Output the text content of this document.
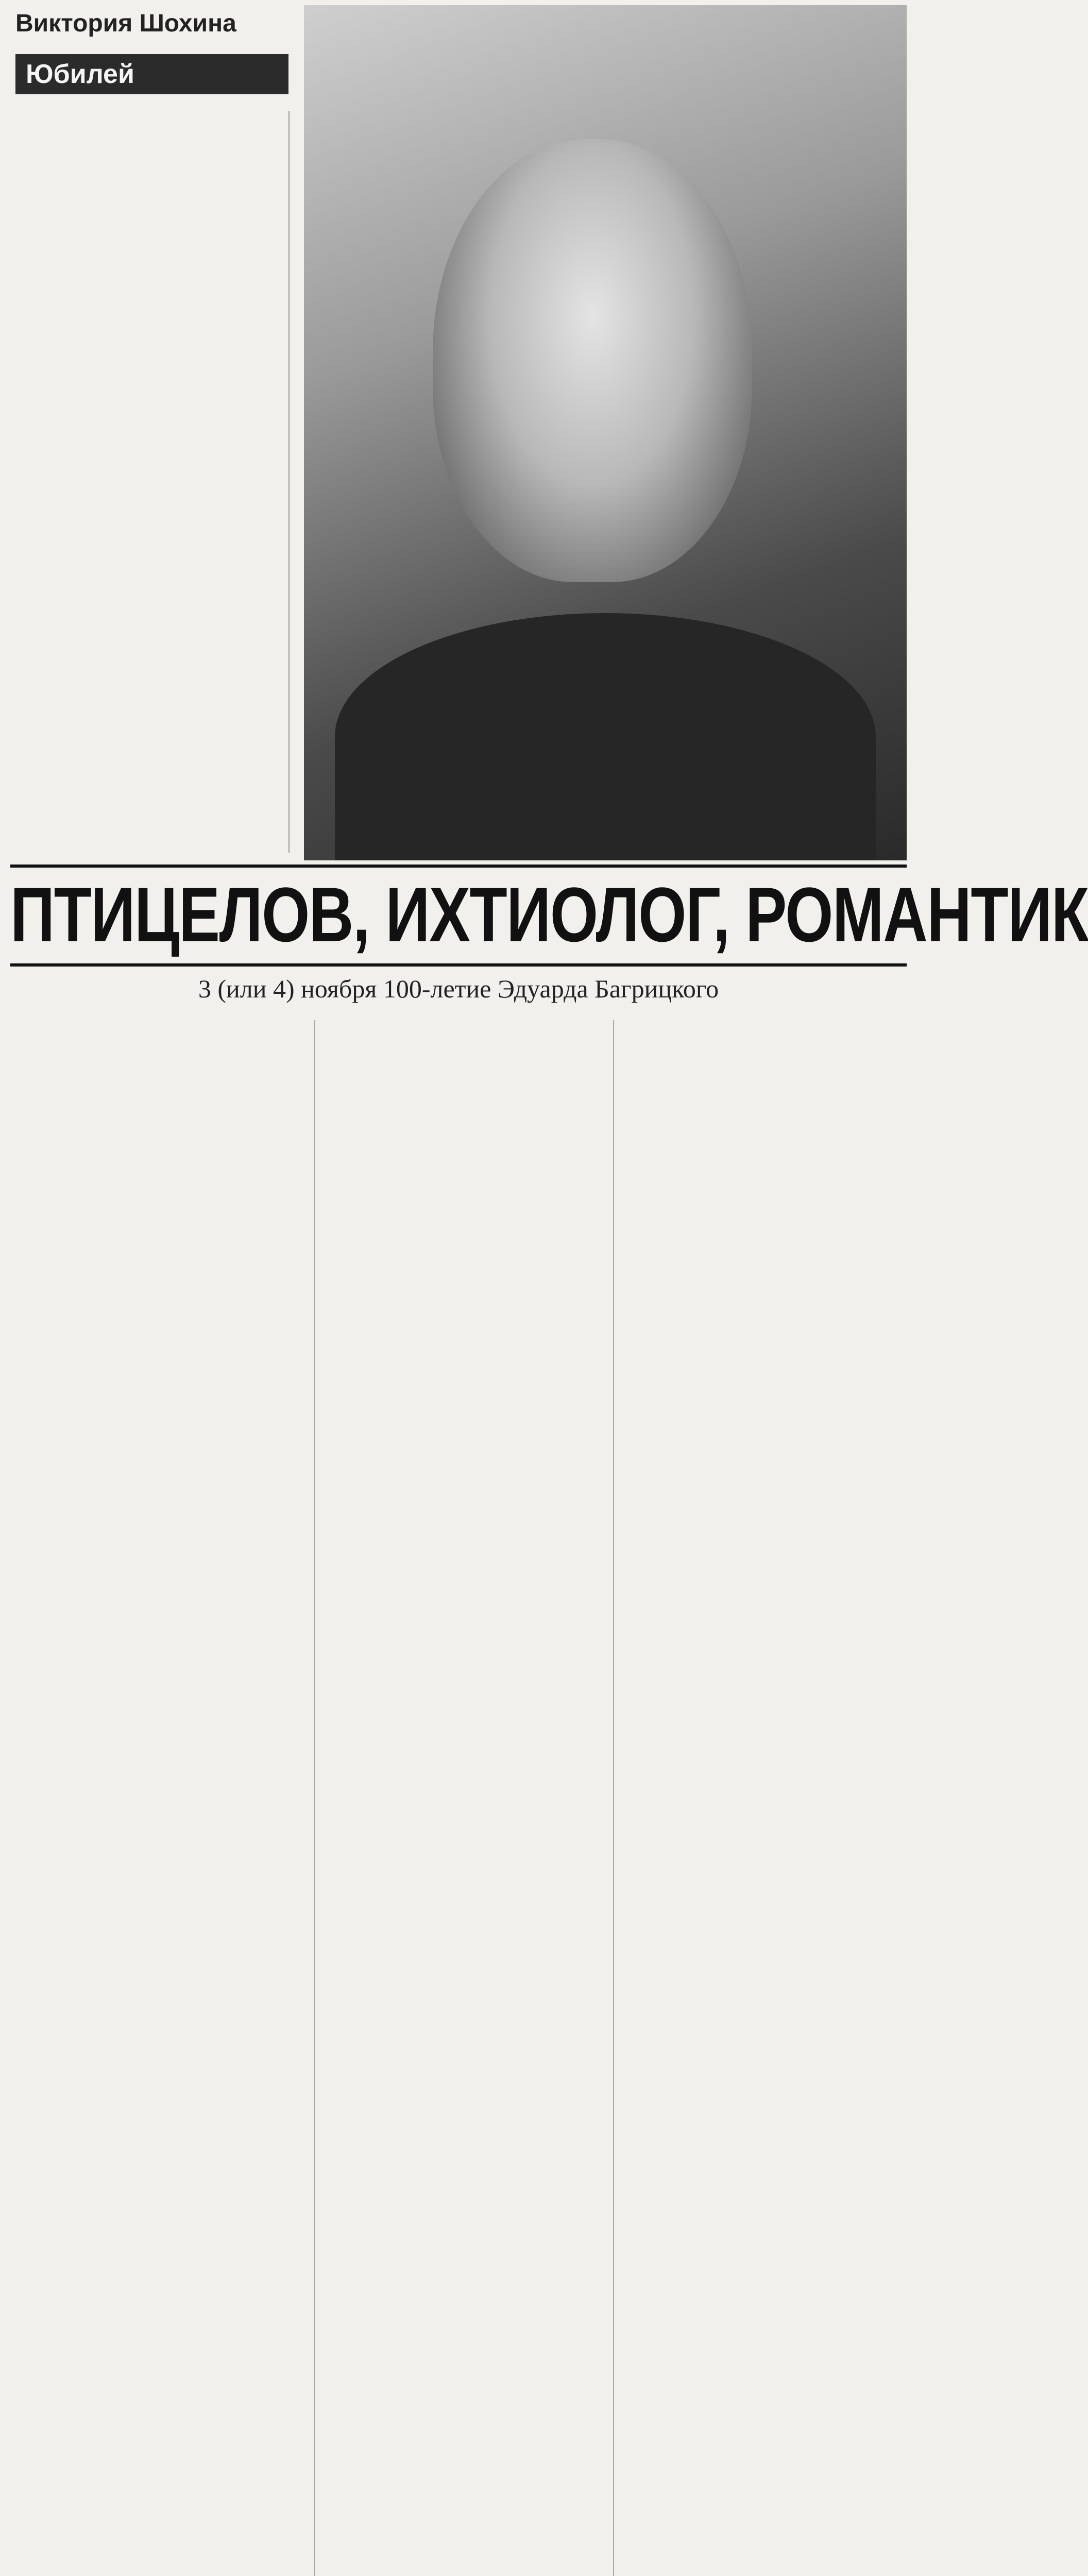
Виктория Шохина
Юбилей
ПТИЦЕЛОВ, ИХТИОЛОГ, РОМАНТИК
3 (или 4) ноября 100-летие Эдуарда Багрицкого
